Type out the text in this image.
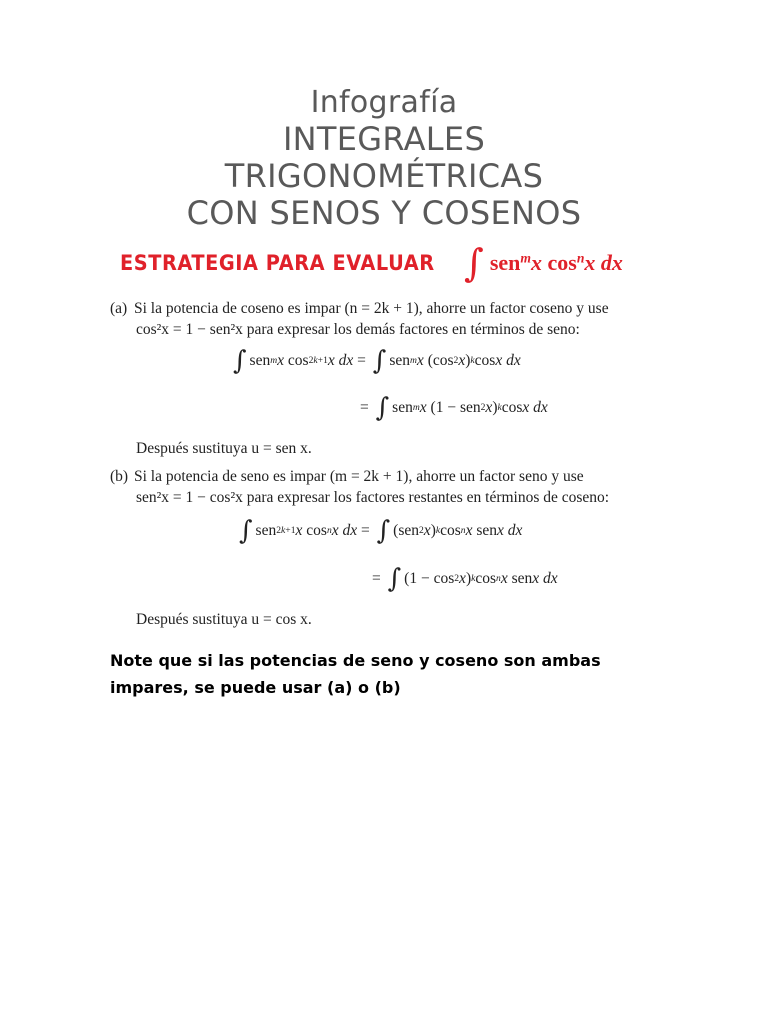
Infografía
INTEGRALES
TRIGONOMÉTRICAS
CON SENOS Y COSENOS
ESTRATEGIA PARA EVALUAR ∫ sen$^m$x $\cos^nx$ dx
(a) Si la potencia de coseno es impar (n = 2k + 1), ahorre un factor coseno y use
cos²x = 1 − sen²x para expresar los demás factores en términos de seno:
∫ sen m x cos 2k+1 x dx = ∫ sen m x (cos 2 x ) k cos x dx
= ∫ sen m x (1 − sen 2 x ) k cos x dx
Después sustituya u = sen x.
(b) Si la potencia de seno es impar (m = 2k + 1), ahorre un factor seno y use
sen²x = 1 − cos²x para expresar los factores restantes en términos de coseno:
∫ sen 2k+1 x cos n x dx = ∫ (sen 2 x ) k cos n x sen x dx
= ∫ (1 − cos 2 x ) k cos n x sen x dx
Después sustituya u = cos x.
Note que si las potencias de seno y coseno son ambas impares, se puede usar (a) o (b)
